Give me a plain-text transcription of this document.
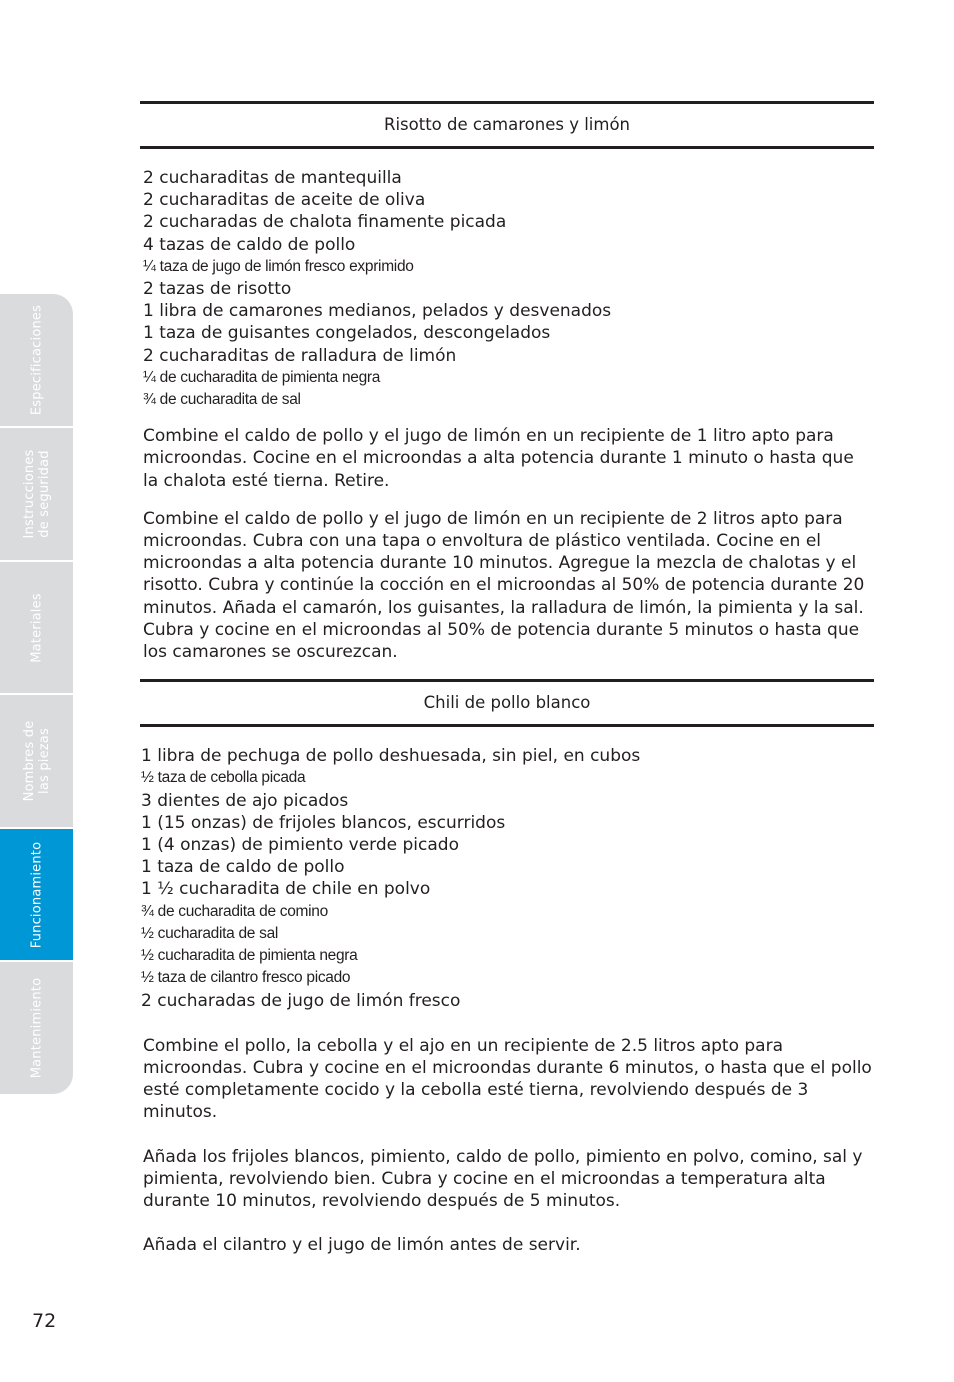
Especificaciones
Instrucciones
de seguridad
Materiales
Nombres de
las piezas
Funcionamiento
Mantenimiento
Risotto de camarones y limón
2 cucharaditas de mantequilla
2 cucharaditas de aceite de oliva
2 cucharadas de chalota finamente picada
4 tazas de caldo de pollo
¼ taza de jugo de limón fresco exprimido
2 tazas de risotto
1 libra de camarones medianos, pelados y desvenados
1 taza de guisantes congelados, descongelados
2 cucharaditas de ralladura de limón
¼ de cucharadita de pimienta negra
¾ de cucharadita de sal

Combine el caldo de pollo y el jugo de limón en un recipiente de 1 litro apto para microondas. Cocine en el microondas a alta potencia durante 1 minuto o hasta que la chalota esté tierna. Retire.

Combine el caldo de pollo y el jugo de limón en un recipiente de 2 litros apto para microondas. Cubra con una tapa o envoltura de plástico ventilada. Cocine en el microondas a alta potencia durante 10 minutos. Agregue la mezcla de chalotas y el risotto. Cubra y continúe la cocción en el microondas al 50% de potencia durante 20 minutos. Añada el camarón, los guisantes, la ralladura de limón, la pimienta y la sal. Cubra y cocine en el microondas al 50% de potencia durante 5 minutos o hasta que los camarones se oscurezcan.

Chili de pollo blanco
1 libra de pechuga de pollo deshuesada, sin piel, en cubos
½ taza de cebolla picada
3 dientes de ajo picados
1 (15 onzas) de frijoles blancos, escurridos
1 (4 onzas) de pimiento verde picado
1 taza de caldo de pollo
1 ½ cucharadita de chile en polvo
¾ de cucharadita de comino
½ cucharadita de sal
½ cucharadita de pimienta negra
½ taza de cilantro fresco picado
2 cucharadas de jugo de limón fresco

Combine el pollo, la cebolla y el ajo en un recipiente de 2.5 litros apto para microondas. Cubra y cocine en el microondas durante 6 minutos, o hasta que el pollo esté completamente cocido y la cebolla esté tierna, revolviendo después de 3 minutos.

Añada los frijoles blancos, pimiento, caldo de pollo, pimiento en polvo, comino, sal y pimienta, revolviendo bien. Cubra y cocine en el microondas a temperatura alta durante 10 minutos, revolviendo después de 5 minutos.

Añada el cilantro y el jugo de limón antes de servir.

72
